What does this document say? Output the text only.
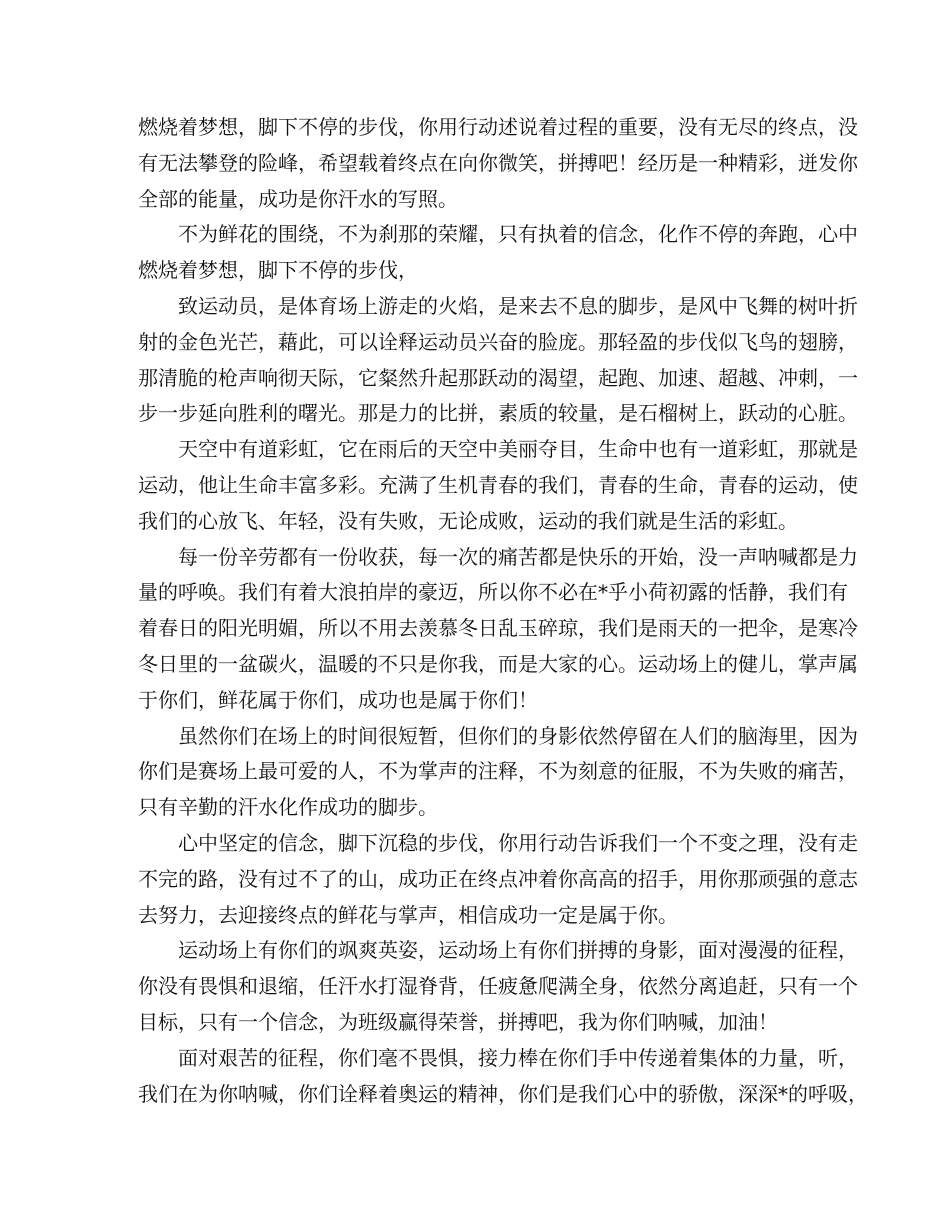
燃烧着梦想，脚下不停的步伐，你用行动述说着过程的重要，没有无尽的终点，没
有无法攀登的险峰，希望载着终点在向你微笑，拼搏吧！经历是一种精彩，迸发你
全部的能量，成功是你汗水的写照。
不为鲜花的围绕，不为刹那的荣耀，只有执着的信念，化作不停的奔跑，心中
燃烧着梦想，脚下不停的步伐，
致运动员，是体育场上游走的火焰，是来去不息的脚步，是风中飞舞的树叶折
射的金色光芒，藉此，可以诠释运动员兴奋的脸庞。那轻盈的步伐似飞鸟的翅膀，
那清脆的枪声响彻天际，它粲然升起那跃动的渴望，起跑、加速、超越、冲刺，一
步一步延向胜利的曙光。那是力的比拼，素质的较量，是石榴树上，跃动的心脏。
天空中有道彩虹，它在雨后的天空中美丽夺目，生命中也有一道彩虹，那就是
运动，他让生命丰富多彩。充满了生机青春的我们，青春的生命，青春的运动，使
我们的心放飞、年轻，没有失败，无论成败，运动的我们就是生活的彩虹。
每一份辛劳都有一份收获，每一次的痛苦都是快乐的开始，没一声呐喊都是力
量的呼唤。我们有着大浪拍岸的豪迈，所以你不必在*乎小荷初露的恬静，我们有
着春日的阳光明媚，所以不用去羡慕冬日乱玉碎琼，我们是雨天的一把伞，是寒冷
冬日里的一盆碳火，温暖的不只是你我，而是大家的心。运动场上的健儿，掌声属
于你们，鲜花属于你们，成功也是属于你们！
虽然你们在场上的时间很短暂，但你们的身影依然停留在人们的脑海里，因为
你们是赛场上最可爱的人，不为掌声的注释，不为刻意的征服，不为失败的痛苦，
只有辛勤的汗水化作成功的脚步。
心中坚定的信念，脚下沉稳的步伐，你用行动告诉我们一个不变之理，没有走
不完的路，没有过不了的山，成功正在终点冲着你高高的招手，用你那顽强的意志
去努力，去迎接终点的鲜花与掌声，相信成功一定是属于你。
运动场上有你们的飒爽英姿，运动场上有你们拼搏的身影，面对漫漫的征程，
你没有畏惧和退缩，任汗水打湿脊背，任疲惫爬满全身，依然分离追赶，只有一个
目标，只有一个信念，为班级赢得荣誉，拼搏吧，我为你们呐喊，加油！
面对艰苦的征程，你们毫不畏惧，接力棒在你们手中传递着集体的力量，听，
我们在为你呐喊，你们诠释着奥运的精神，你们是我们心中的骄傲，深深*的呼吸，
